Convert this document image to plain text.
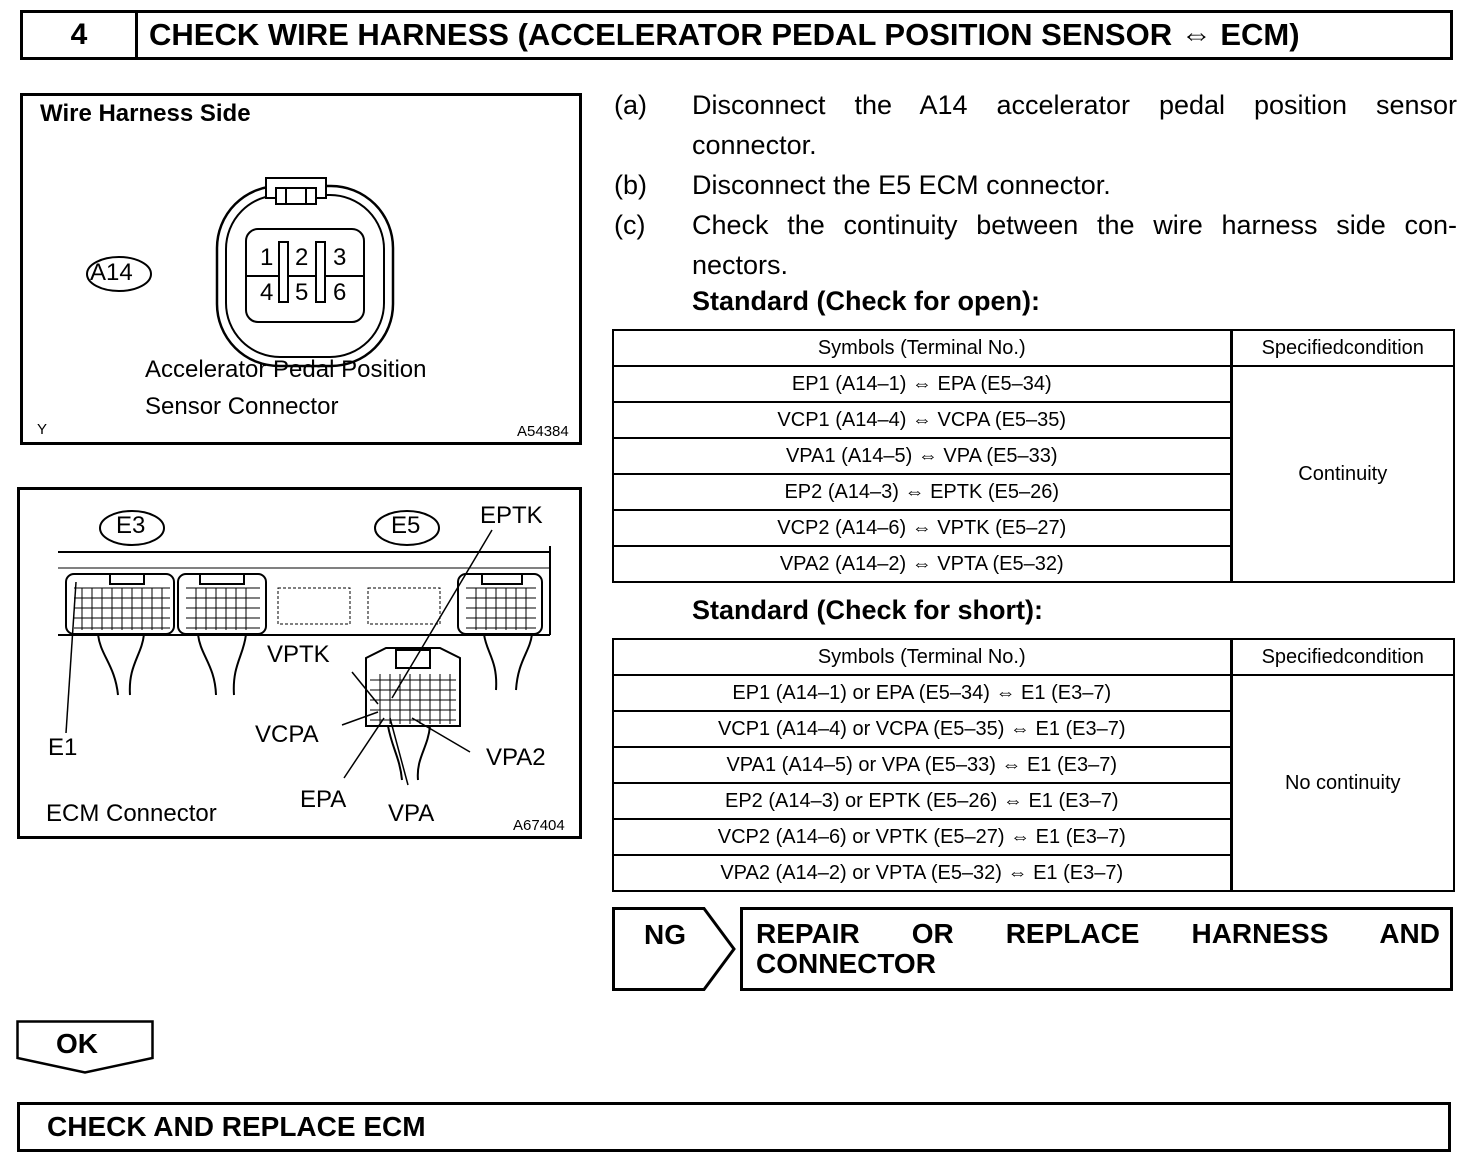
4	CHECK WIRE HARNESS (ACCELERATOR PEDAL POSITION SENSOR ⇔ ECM)
Wire Harness Side
A14
1 2 3
4 5 6
Accelerator Pedal Position
Sensor Connector
Y	A54384
E3	E5 EPTK
VPTK
VCPA
VPA2
E1
EPA
VPA
ECM Connector	A67404
(a) Disconnect the A14 accelerator pedal position sensor connector.
(b) Disconnect the E5 ECM connector.
(c) Check the continuity between the wire harness side con-nectors.
Standard (Check for open):
Symbols (Terminal No.)	Specifiedcondition
EP1 (A14–1) ⇔ EPA (E5–34)	Continuity
VCP1 (A14–4) ⇔ VCPA (E5–35)	
VPA1 (A14–5) ⇔ VPA (E5–33)	
EP2 (A14–3) ⇔ EPTK (E5–26)	
VCP2 (A14–6) ⇔ VPTK (E5–27)	
VPA2 (A14–2) ⇔ VPTA (E5–32)	
Standard (Check for short):
Symbols (Terminal No.)	Specifiedcondition
EP1 (A14–1) or EPA (E5–34) ⇔ E1 (E3–7)	No continuity
VCP1 (A14–4) or VCPA (E5–35) ⇔ E1 (E3–7)	
VPA1 (A14–5) or VPA (E5–33) ⇔ E1 (E3–7)	
EP2 (A14–3) or EPTK (E5–26) ⇔ E1 (E3–7)	
VCP2 (A14–6) or VPTK (E5–27) ⇔ E1 (E3–7)	
VPA2 (A14–2) or VPTA (E5–32) ⇔ E1 (E3–7)	
NG	REPAIR OR REPLACE HARNESS AND CONNECTOR
OK
CHECK AND REPLACE ECM
